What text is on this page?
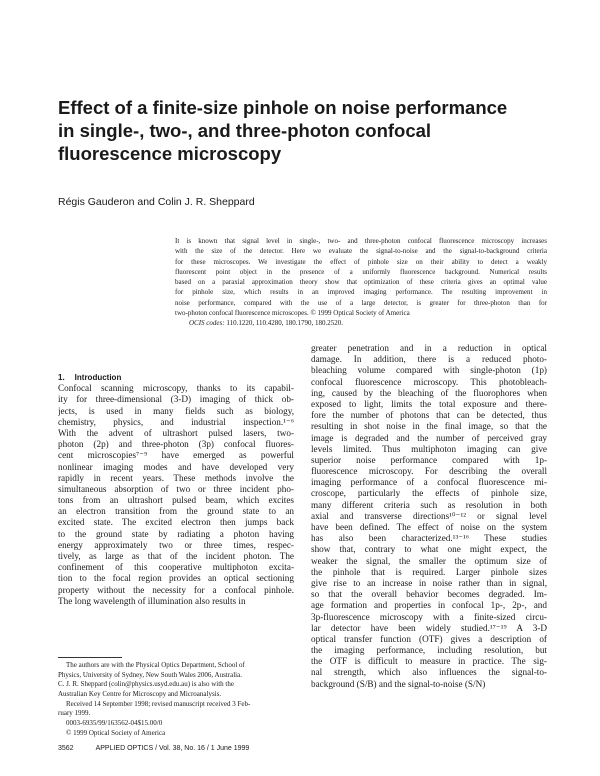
Effect of a finite-size pinhole on noise performance
in single-, two-, and three-photon confocal
fluorescence microscopy
Régis Gauderon and Colin J. R. Sheppard
It is known that signal level in single-, two- and three-photon confocal fluorescence microscopy increases
with the size of the detector. Here we evaluate the signal-to-noise and the signal-to-background criteria
for these microscopes. We investigate the effect of pinhole size on their ability to detect a weakly
fluorescent point object in the presence of a uniformly fluorescence background. Numerical results
based on a paraxial approximation theory show that optimization of these criteria gives an optimal value
for pinhole size, which results in an improved imaging performance. The resulting improvement in
noise performance, compared with the use of a large detector, is greater for three-photon than for
two-photon confocal fluorescence microscopes. © 1999 Optical Society of America
OCIS codes: 110.1220, 110.4280, 180.1790, 180.2520.
1. Introduction
Confocal scanning microscopy, thanks to its capabil-
ity for three-dimensional (3-D) imaging of thick ob-
jects, is used in many fields such as biology,
chemistry, physics, and industrial inspection.¹⁻⁶
With the advent of ultrashort pulsed lasers, two-
photon (2p) and three-photon (3p) confocal fluores-
cent microscopies⁷⁻⁹ have emerged as powerful
nonlinear imaging modes and have developed very
rapidly in recent years. These methods involve the
simultaneous absorption of two or three incident pho-
tons from an ultrashort pulsed beam, which excites
an electron transition from the ground state to an
excited state. The excited electron then jumps back
to the ground state by radiating a photon having
energy approximately two or three times, respec-
tively, as large as that of the incident photon. The
confinement of this cooperative multiphoton excita-
tion to the focal region provides an optical sectioning
property without the necessity for a confocal pinhole.
The long wavelength of illumination also results in
greater penetration and in a reduction in optical
damage. In addition, there is a reduced photo-
bleaching volume compared with single-photon (1p)
confocal fluorescence microscopy. This photobleach-
ing, caused by the bleaching of the fluorophores when
exposed to light, limits the total exposure and there-
fore the number of photons that can be detected, thus
resulting in shot noise in the final image, so that the
image is degraded and the number of perceived gray
levels limited. Thus multiphoton imaging can give
superior noise performance compared with 1p-
fluorescence microscopy. For describing the overall
imaging performance of a confocal fluorescence mi-
croscope, particularly the effects of pinhole size,
many different criteria such as resolution in both
axial and transverse directions¹⁰⁻¹² or signal level
have been defined. The effect of noise on the system
has also been characterized.¹³⁻¹⁶ These studies
show that, contrary to what one might expect, the
weaker the signal, the smaller the optimum size of
the pinhole that is required. Larger pinhole sizes
give rise to an increase in noise rather than in signal,
so that the overall behavior becomes degraded. Im-
age formation and properties in confocal 1p-, 2p-, and
3p-fluorescence microscopy with a finite-sized circu-
lar detector have been widely studied.¹⁷⁻¹⁹ A 3-D
optical transfer function (OTF) gives a description of
the imaging performance, including resolution, but
the OTF is difficult to measure in practice. The sig-
nal strength, which also influences the signal-to-
background (S/B) and the signal-to-noise (S/N)
The authors are with the Physical Optics Department, School of
Physics, University of Sydney, New South Wales 2006, Australia.
C. J. R. Sheppard (colin@physics.usyd.edu.au) is also with the
Australian Key Centre for Microscopy and Microanalysis.
Received 14 September 1998; revised manuscript received 3 Feb-
ruary 1999.
0003-6935/99/163562-04$15.00/0
© 1999 Optical Society of America
3562	APPLIED OPTICS / Vol. 38, No. 16 / 1 June 1999
